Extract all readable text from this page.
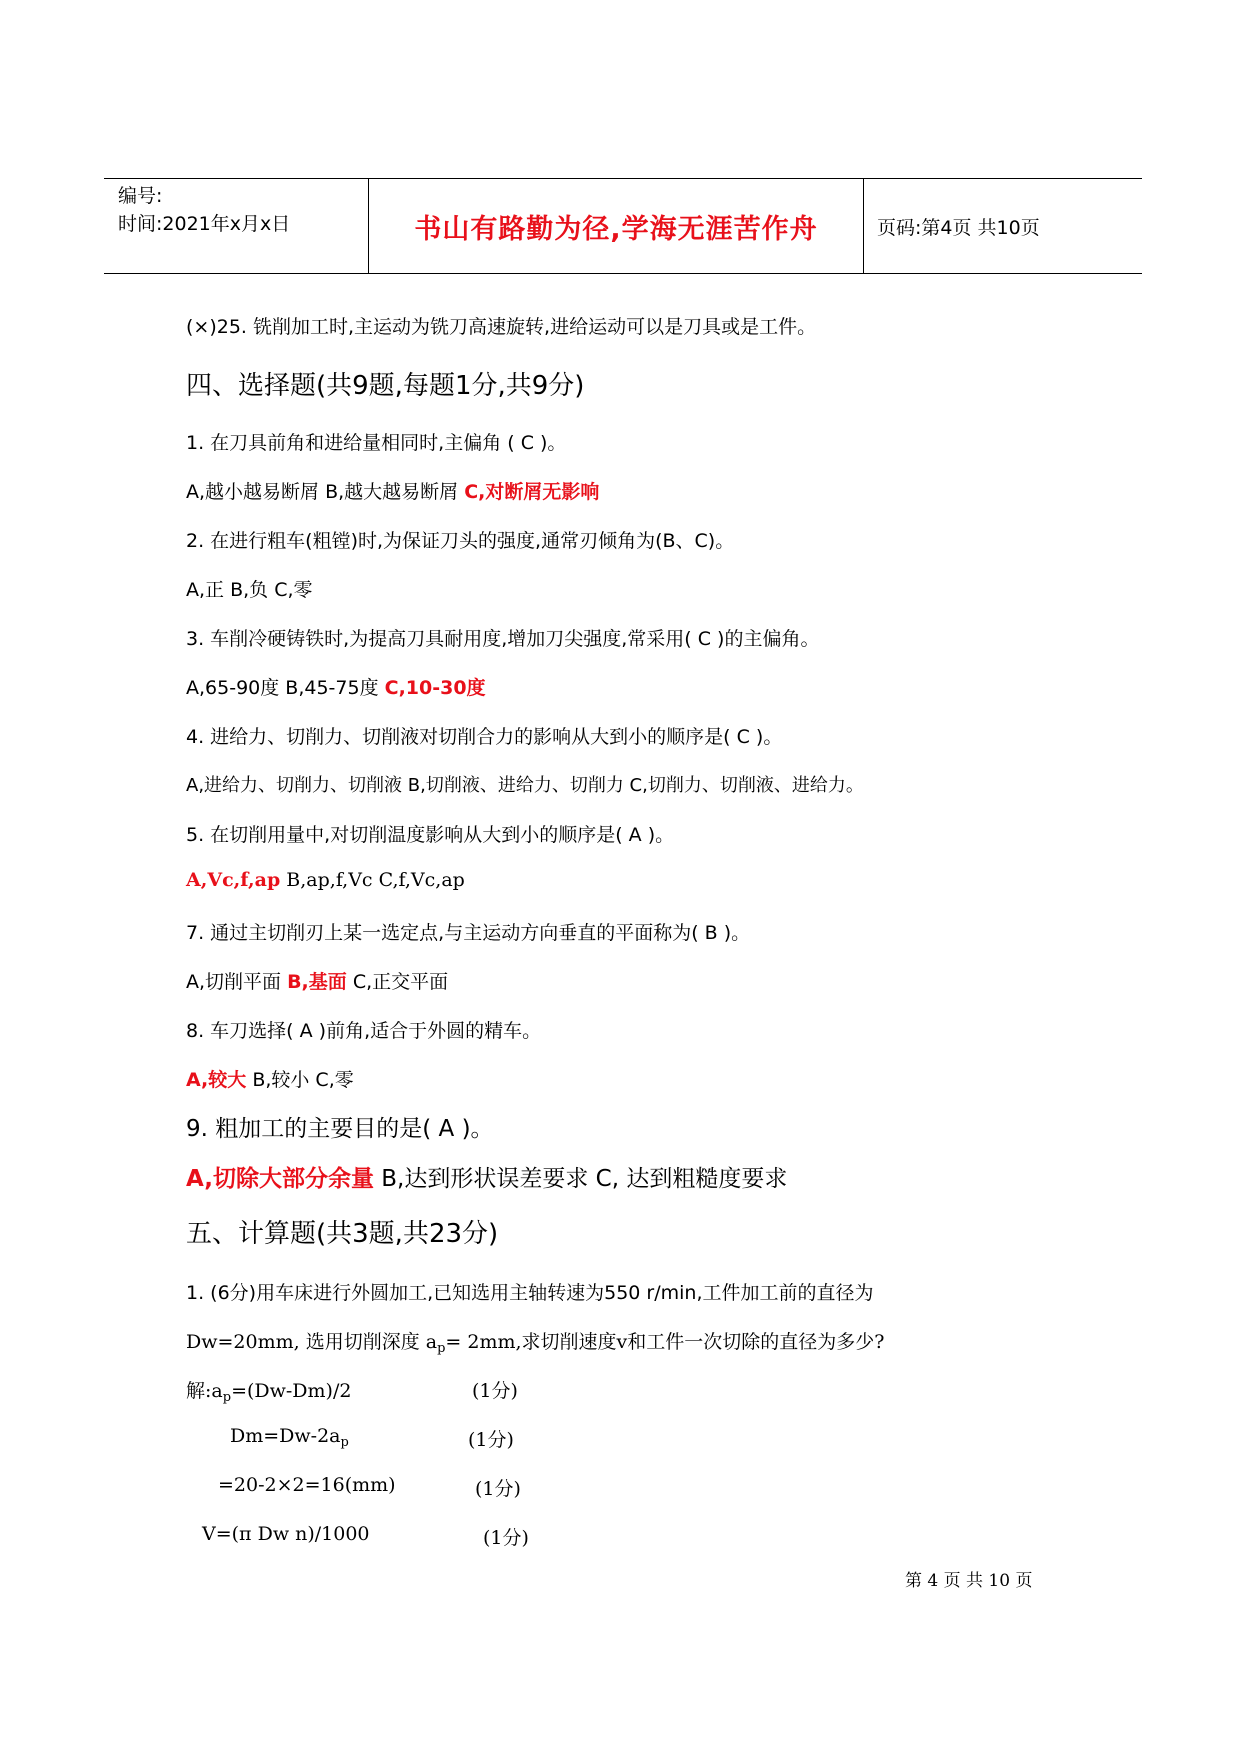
编号:
时间:2021年x月x日	书山有路勤为径,学海无涯苦作舟	页码:第4页 共10页
(×)25. 铣削加工时,主运动为铣刀高速旋转,进给运动可以是刀具或是工件。
四、选择题(共9题,每题1分,共9分)
1. 在刀具前角和进给量相同时,主偏角 ( C )。
A,越小越易断屑 B,越大越易断屑 C,对断屑无影响
2. 在进行粗车(粗镗)时,为保证刀头的强度,通常刃倾角为(B、C)。
A,正 B,负 C,零
3. 车削冷硬铸铁时,为提高刀具耐用度,增加刀尖强度,常采用( C )的主偏角。
A,65-90度 B,45-75度 C,10-30度
4. 进给力、切削力、切削液对切削合力的影响从大到小的顺序是( C )。
A,进给力、切削力、切削液 B,切削液、进给力、切削力 C,切削力、切削液、进给力。
5. 在切削用量中,对切削温度影响从大到小的顺序是( A )。
A,Vc,f,ap B,ap,f,Vc C,f,Vc,ap
7. 通过主切削刃上某一选定点,与主运动方向垂直的平面称为( B )。
A,切削平面 B,基面 C,正交平面
8. 车刀选择( A )前角,适合于外圆的精车。
A,较大 B,较小 C,零
9. 粗加工的主要目的是( A )。
A,切除大部分余量 B,达到形状误差要求 C, 达到粗糙度要求
五、计算题(共3题,共23分)
1. (6分)用车床进行外圆加工,已知选用主轴转速为550 r/min,工件加工前的直径为
Dw=20mm, 选用切削深度 $a_p= 2mm$,求切削速度v和工件一次切除的直径为多少?
解$:a_p=(Dw-Dm)/2$	(1分)
$Dm=Dw-2a_p$	(1分)
=20-2×2=16(mm)	(1分)
V=(π Dw n)/1000	(1分)
第 4 页 共 10 页
